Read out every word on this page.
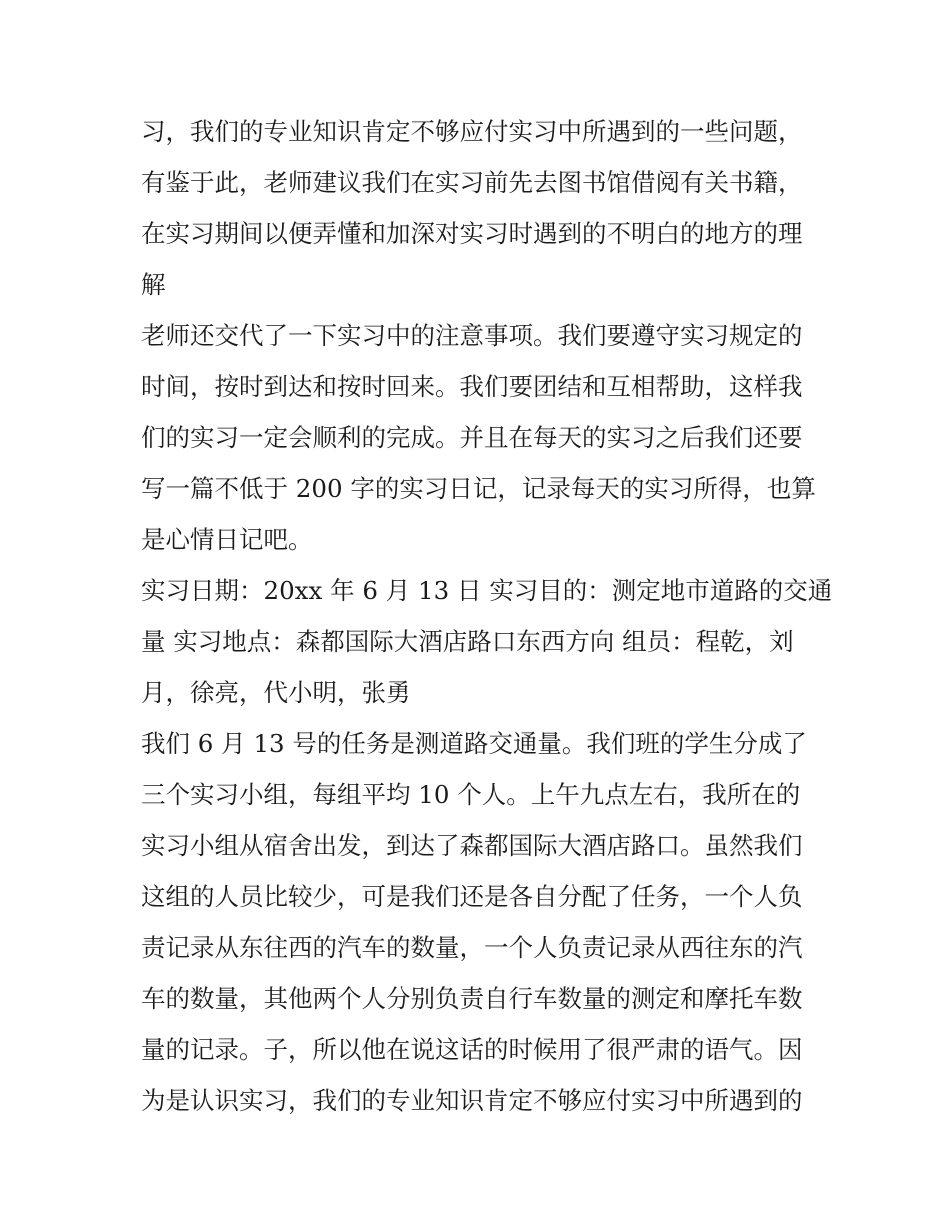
习，我们的专业知识肯定不够应付实习中所遇到的一些问题，
有鉴于此，老师建议我们在实习前先去图书馆借阅有关书籍，
在实习期间以便弄懂和加深对实习时遇到的不明白的地方的理
解
老师还交代了一下实习中的注意事项。我们要遵守实习规定的
时间，按时到达和按时回来。我们要团结和互相帮助，这样我
们的实习一定会顺利的完成。并且在每天的实习之后我们还要
写一篇不低于 200 字的实习日记，记录每天的实习所得，也算
是心情日记吧。
实习日期：20xx 年 6 月 13 日 实习目的：测定地市道路的交通
量 实习地点：森都国际大酒店路口东西方向 组员：程乾，刘
月，徐亮，代小明，张勇
我们 6 月 13 号的任务是测道路交通量。我们班的学生分成了
三个实习小组，每组平均 10 个人。上午九点左右，我所在的
实习小组从宿舍出发，到达了森都国际大酒店路口。虽然我们
这组的人员比较少，可是我们还是各自分配了任务，一个人负
责记录从东往西的汽车的数量，一个人负责记录从西往东的汽
车的数量，其他两个人分别负责自行车数量的测定和摩托车数
量的记录。子，所以他在说这话的时候用了很严肃的语气。因
为是认识实习，我们的专业知识肯定不够应付实习中所遇到的
